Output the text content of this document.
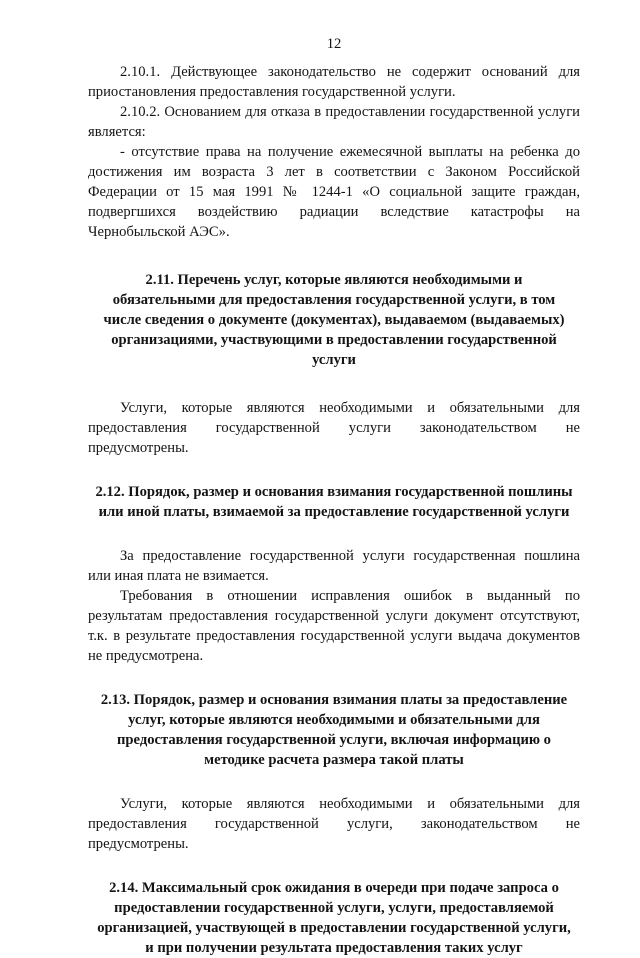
12

2.10.1. Действующее законодательство не содержит оснований для приостановления предоставления государственной услуги.

2.10.2. Основанием для отказа в предоставлении государственной услуги является:

- отсутствие права на получение ежемесячной выплаты на ребенка до достижения им возраста 3 лет в соответствии с Законом Российской Федерации от 15 мая 1991 № 1244-1 «О социальной защите граждан, подвергшихся воздействию радиации вследствие катастрофы на Чернобыльской АЭС».

2.11. Перечень услуг, которые являются необходимыми и обязательными для предоставления государственной услуги, в том числе сведения о документе (документах), выдаваемом (выдаваемых) организациями, участвующими в предоставлении государственной услуги

Услуги, которые являются необходимыми и обязательными для предоставления государственной услуги законодательством не предусмотрены.

2.12. Порядок, размер и основания взимания государственной пошлины или иной платы, взимаемой за предоставление государственной услуги

За предоставление государственной услуги государственная пошлина или иная плата не взимается.

Требования в отношении исправления ошибок в выданный по результатам предоставления государственной услуги документ отсутствуют, т.к. в результате предоставления государственной услуги выдача документов не предусмотрена.

2.13. Порядок, размер и основания взимания платы за предоставление услуг, которые являются необходимыми и обязательными для предоставления государственной услуги, включая информацию о методике расчета размера такой платы

Услуги, которые являются необходимыми и обязательными для предоставления государственной услуги, законодательством не предусмотрены.

2.14. Максимальный срок ожидания в очереди при подаче запроса о предоставлении государственной услуги, услуги, предоставляемой организацией, участвующей в предоставлении государственной услуги, и при получении результата предоставления таких услуг
